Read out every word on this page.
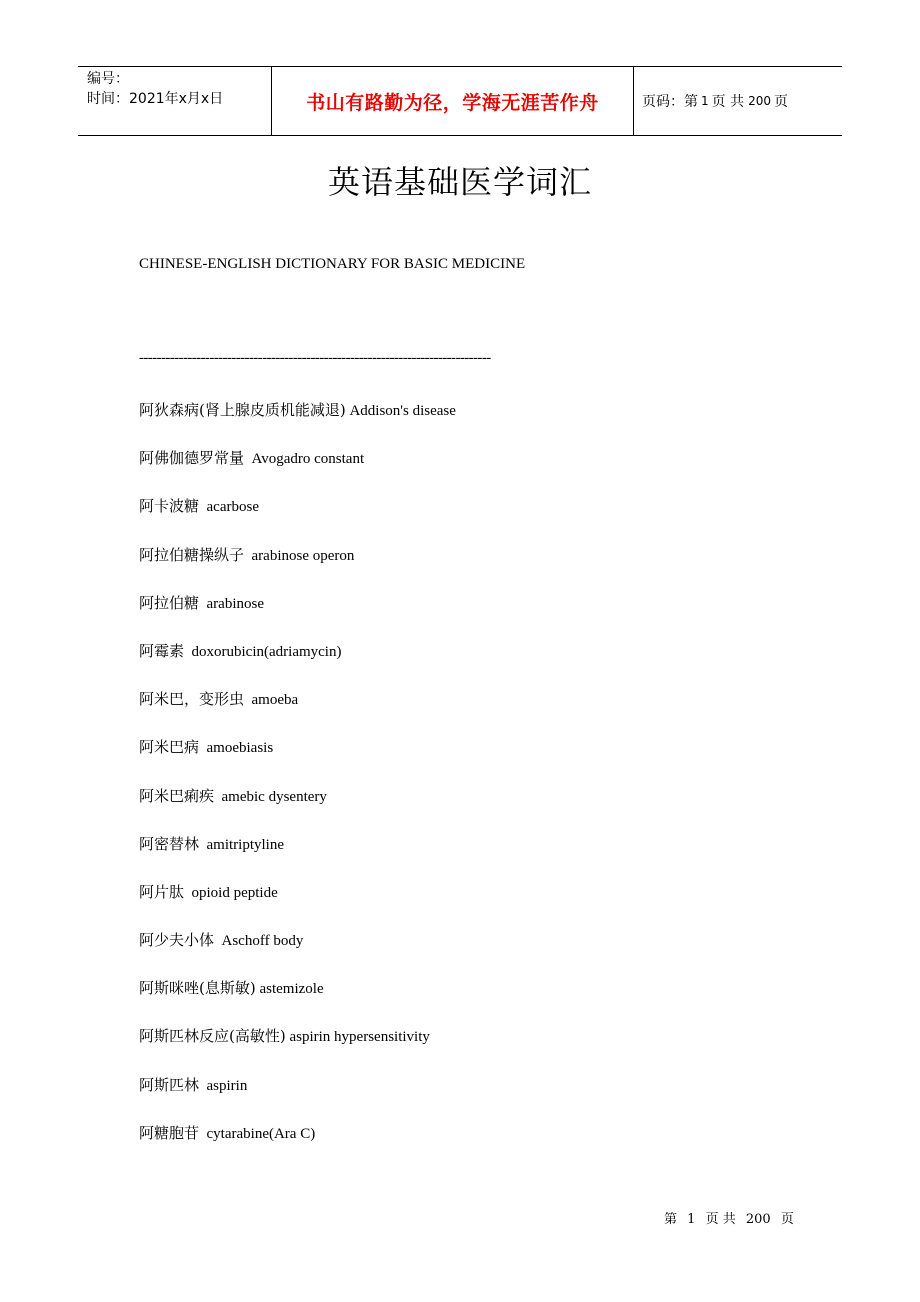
编号：
时间：2021年x月x日	书山有路勤为径，学海无涯苦作舟	页码：第 1 页 共 200 页
英语基础医学词汇
CHINESE-ENGLISH DICTIONARY FOR BASIC MEDICINE
--------------------------------------------------------------------------------
阿狄森病(肾上腺皮质机能减退) Addison's disease
阿佛伽德罗常量  Avogadro constant
阿卡波糖  acarbose
阿拉伯糖操纵子  arabinose operon
阿拉伯糖  arabinose
阿霉素  doxorubicin(adriamycin)
阿米巴，变形虫  amoeba
阿米巴病  amoebiasis
阿米巴痢疾  amebic dysentery
阿密替林  amitriptyline
阿片肽  opioid peptide
阿少夫小体  Aschoff body
阿斯咪唑(息斯敏) astemizole
阿斯匹林反应(高敏性) aspirin hypersensitivity
阿斯匹林  aspirin
阿糖胞苷  cytarabine(Ara C)
第 1 页 共 200 页
